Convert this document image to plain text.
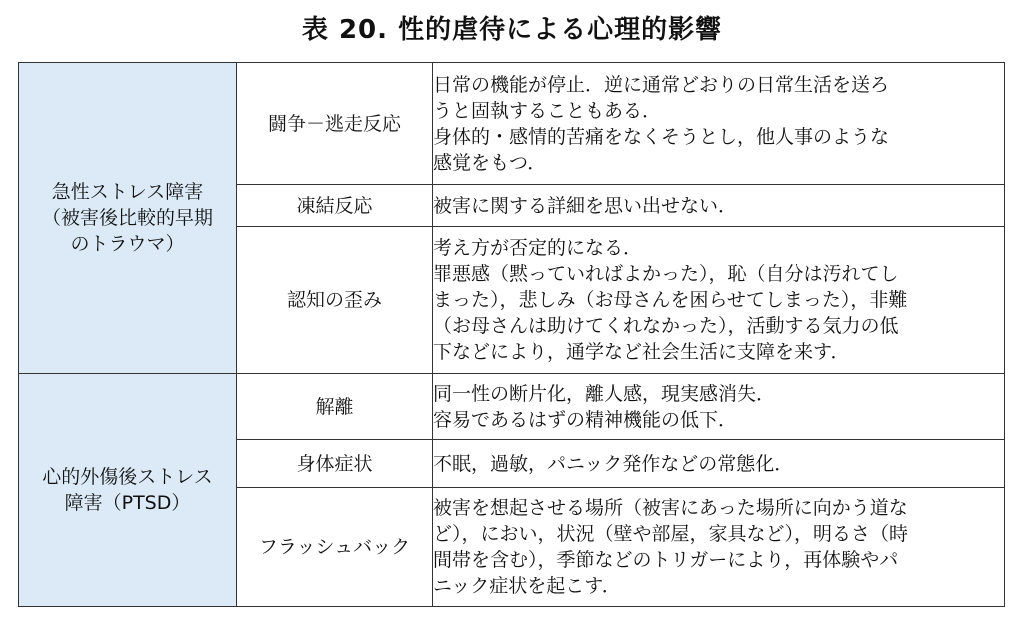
表 20. 性的虐待による心理的影響
急性ストレス障害
（被害後比較的早期
のトラウマ）	闘争－逃走反応	日常の機能が停止．逆に通常どおりの日常生活を送ろ
うと固執することもある．
身体的・感情的苦痛をなくそうとし，他人事のような
感覚をもつ．

	凍結反応	被害に関する詳細を思い出せない．

	認知の歪み	考え方が否定的になる．
罪悪感（黙っていればよかった），恥（自分は汚れてし
まった），悲しみ（お母さんを困らせてしまった），非難
（お母さんは助けてくれなかった），活動する気力の低
下などにより，通学など社会生活に支障を来す．

心的外傷後ストレス
障害（PTSD）	解離	同一性の断片化，離人感，現実感消失．
容易であるはずの精神機能の低下．

	身体症状	不眠，過敏，パニック発作などの常態化．

	フラッシュバック	被害を想起させる場所（被害にあった場所に向かう道な
ど），におい，状況（壁や部屋，家具など），明るさ（時
間帯を含む），季節などのトリガーにより，再体験やパ
ニック症状を起こす．
